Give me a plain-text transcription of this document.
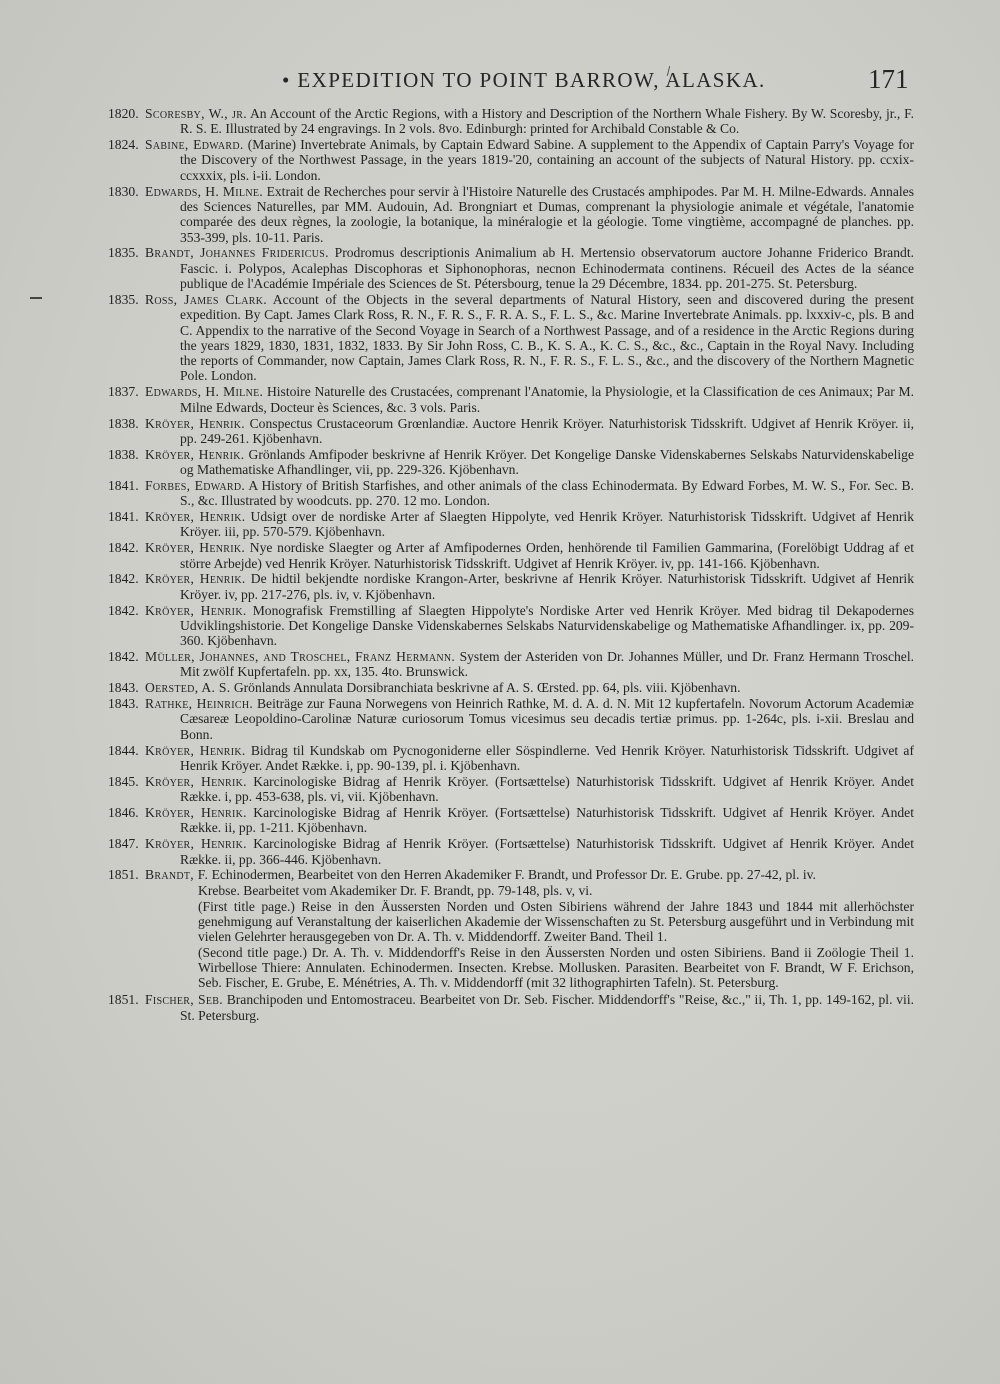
• EXPEDITION TO POINT BARROW, ALASKA.	171
1820. Scoresby, W., jr. An Account of the Arctic Regions, with a History and Description of the Northern Whale Fishery. By W. Scoresby, jr., F. R. S. E. Illustrated by 24 engravings. In 2 vols. 8vo. Edinburgh: printed for Archibald Constable & Co.
1824. Sabine, Edward. (Marine) Invertebrate Animals, by Captain Edward Sabine. A supplement to the Appendix of Captain Parry's Voyage for the Discovery of the Northwest Passage, in the years 1819-'20, containing an account of the subjects of Natural History. pp. ccxix-ccxxxix, pls. i-ii. London.
1830. Edwards, H. Milne. Extrait de Recherches pour servir à l'Histoire Naturelle des Crustacés amphipodes. Par M. H. Milne-Edwards. Annales des Sciences Naturelles, par MM. Audouin, Ad. Brongniart et Dumas, comprenant la physiologie animale et végétale, l'anatomie comparée des deux règnes, la zoologie, la botanique, la minéralogie et la géologie. Tome vingtième, accompagné de planches. pp. 353-399, pls. 10-11. Paris.
1835. Brandt, Johannes Fridericus. Prodromus descriptionis Animalium ab H. Mertensio observatorum auctore Johanne Friderico Brandt. Fascic. i. Polypos, Acalephas Discophoras et Siphonophoras, necnon Echinodermata continens. Récueil des Actes de la séance publique de l'Académie Impériale des Sciences de St. Pétersbourg, tenue la 29 Décembre, 1834. pp. 201-275. St. Petersburg.
1835. Ross, James Clark. Account of the Objects in the several departments of Natural History, seen and discovered during the present expedition. By Capt. James Clark Ross, R. N., F. R. S., F. R. A. S., F. L. S., &c. Marine Invertebrate Animals. pp. lxxxiv-c, pls. B and C. Appendix to the narrative of the Second Voyage in Search of a Northwest Passage, and of a residence in the Arctic Regions during the years 1829, 1830, 1831, 1832, 1833. By Sir John Ross, C. B., K. S. A., K. C. S., &c., &c., Captain in the Royal Navy. Including the reports of Commander, now Captain, James Clark Ross, R. N., F. R. S., F. L. S., &c., and the discovery of the Northern Magnetic Pole. London.
1837. Edwards, H. Milne. Histoire Naturelle des Crustacées, comprenant l'Anatomie, la Physiologie, et la Classification de ces Animaux; Par M. Milne Edwards, Docteur ès Sciences, &c. 3 vols. Paris.
1838. Kröyer, Henrik. Conspectus Crustaceorum Grœnlandiæ. Auctore Henrik Kröyer. Naturhistorisk Tidsskrift. Udgivet af Henrik Kröyer. ii, pp. 249-261. Kjöbenhavn.
1838. Kröyer, Henrik. Grönlands Amfipoder beskrivne af Henrik Kröyer. Det Kongelige Danske Videnskabernes Selskabs Naturvidenskabelige og Mathematiske Afhandlinger, vii, pp. 229-326. Kjöbenhavn.
1841. Forbes, Edward. A History of British Starfishes, and other animals of the class Echinodermata. By Edward Forbes, M. W. S., For. Sec. B. S., &c. Illustrated by woodcuts. pp. 270. 12 mo. London.
1841. Kröyer, Henrik. Udsigt over de nordiske Arter af Slaegten Hippolyte, ved Henrik Kröyer. Naturhistorisk Tidsskrift. Udgivet af Henrik Kröyer. iii, pp. 570-579. Kjöbenhavn.
1842. Kröyer, Henrik. Nye nordiske Slaegter og Arter af Amfipodernes Orden, henhörende til Familien Gammarina, (Forelöbigt Uddrag af et större Arbejde) ved Henrik Kröyer. Naturhistorisk Tidsskrift. Udgivet af Henrik Kröyer. iv, pp. 141-166. Kjöbenhavn.
1842. Kröyer, Henrik. De hidtil bekjendte nordiske Krangon-Arter, beskrivne af Henrik Kröyer. Naturhistorisk Tidsskrift. Udgivet af Henrik Kröyer. iv, pp. 217-276, pls. iv, v. Kjöbenhavn.
1842. Kröyer, Henrik. Monografisk Fremstilling af Slaegten Hippolyte's Nordiske Arter ved Henrik Kröyer. Med bidrag til Dekapodernes Udviklingshistorie. Det Kongelige Danske Videnskabernes Selskabs Naturvidenskabelige og Mathematiske Afhandlinger. ix, pp. 209-360. Kjöbenhavn.
1842. Müller, Johannes, and Troschel, Franz Hermann. System der Asteriden von Dr. Johannes Müller, und Dr. Franz Hermann Troschel. Mit zwölf Kupfertafeln. pp. xx, 135. 4to. Brunswick.
1843. Oersted, A. S. Grönlands Annulata Dorsibranchiata beskrivne af A. S. Œrsted. pp. 64, pls. viii. Kjöbenhavn.
1843. Rathke, Heinrich. Beiträge zur Fauna Norwegens von Heinrich Rathke, M. d. A. d. N. Mit 12 kupfertafeln. Novorum Actorum Academiæ Cæsareæ Leopoldino-Carolinæ Naturæ curiosorum Tomus vicesimus seu decadis tertiæ primus. pp. 1-264c, pls. i-xii. Breslau and Bonn.
1844. Kröyer, Henrik. Bidrag til Kundskab om Pycnogoniderne eller Söspindlerne. Ved Henrik Kröyer. Naturhistorisk Tidsskrift. Udgivet af Henrik Kröyer. Andet Række. i, pp. 90-139, pl. i. Kjöbenhavn.
1845. Kröyer, Henrik. Karcinologiske Bidrag af Henrik Kröyer. (Fortsættelse) Naturhistorisk Tidsskrift. Udgivet af Henrik Kröyer. Andet Række. i, pp. 453-638, pls. vi, vii. Kjöbenhavn.
1846. Kröyer, Henrik. Karcinologiske Bidrag af Henrik Kröyer. (Fortsættelse) Naturhistorisk Tidsskrift. Udgivet af Henrik Kröyer. Andet Række. ii, pp. 1-211. Kjöbenhavn.
1847. Kröyer, Henrik. Karcinologiske Bidrag af Henrik Kröyer. (Fortsættelse) Naturhistorisk Tidsskrift. Udgivet af Henrik Kröyer. Andet Række. ii, pp. 366-446. Kjöbenhavn.
1851. Brandt, F. Echinodermen, Bearbeitet von den Herren Akademiker F. Brandt, und Professor Dr. E. Grube. pp. 27-42, pl. iv.

Krebse. Bearbeitet vom Akademiker Dr. F. Brandt, pp. 79-148, pls. v, vi.

(First title page.) Reise in den Äussersten Norden und Osten Sibiriens während der Jahre 1843 und 1844 mit allerhöchster genehmigung auf Veranstaltung der kaiserlichen Akademie der Wissenschaften zu St. Petersburg ausgeführt und in Verbindung mit vielen Gelehrter herausgegeben von Dr. A. Th. v. Middendorff. Zweiter Band. Theil 1.

(Second title page.) Dr. A. Th. v. Middendorff's Reise in den Äussersten Norden und osten Sibiriens. Band ii Zoölogie Theil 1. Wirbellose Thiere: Annulaten. Echinodermen. Insecten. Krebse. Mollusken. Parasiten. Bearbeitet von F. Brandt, W F. Erichson, Seb. Fischer, E. Grube, E. Ménétries, A. Th. v. Middendorff (mit 32 lithographirten Tafeln). St. Petersburg.

1851. Fischer, Seb. Branchipoden und Entomostraceu. Bearbeitet von Dr. Seb. Fischer. Middendorff's "Reise, &c.," ii, Th. 1, pp. 149-162, pl. vii. St. Petersburg.
